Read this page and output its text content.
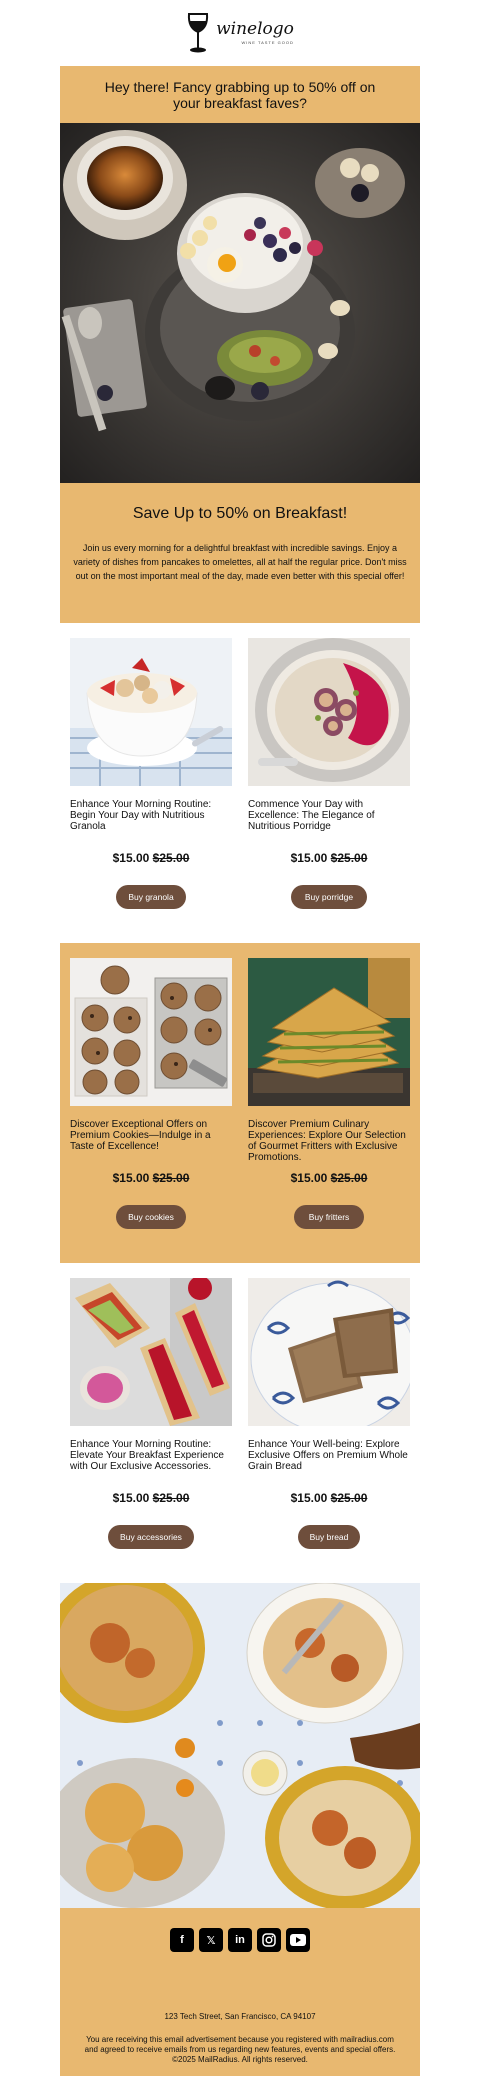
winelogo
WINE TASTE GOOD
Hey there! Fancy grabbing up to 50% off on your breakfast faves?
Save Up to 50% on Breakfast!

Join us every morning for a delightful breakfast with incredible savings. Enjoy a variety of dishes from pancakes to omelettes, all at half the regular price. Don't miss out on the most important meal of the day, made even better with this special offer!

Enhance Your Morning Routine: Begin Your Day with Nutritious Granola
$15.00 $25.00
Buy granola
Commence Your Day with Excellence: The Elegance of Nutritious Porridge
$15.00 $25.00
Buy porridge
Discover Exceptional Offers on Premium Cookies—Indulge in a Taste of Excellence!
$15.00 $25.00
Buy cookies
Discover Premium Culinary Experiences: Explore Our Selection of Gourmet Fritters with Exclusive Promotions.
$15.00 $25.00
Buy fritters
Enhance Your Morning Routine: Elevate Your Breakfast Experience with Our Exclusive Accessories.
$15.00 $25.00
Buy accessories
Enhance Your Well-being: Explore Exclusive Offers on Premium Whole Grain Bread
$15.00 $25.00
Buy bread
f	𝕏	in
123 Tech Street, San Francisco, CA 94107
You are receiving this email advertisement because you registered with mailradius.com and agreed to receive emails from us regarding new features, events and special offers.
©2025 MailRadius. All rights reserved.
